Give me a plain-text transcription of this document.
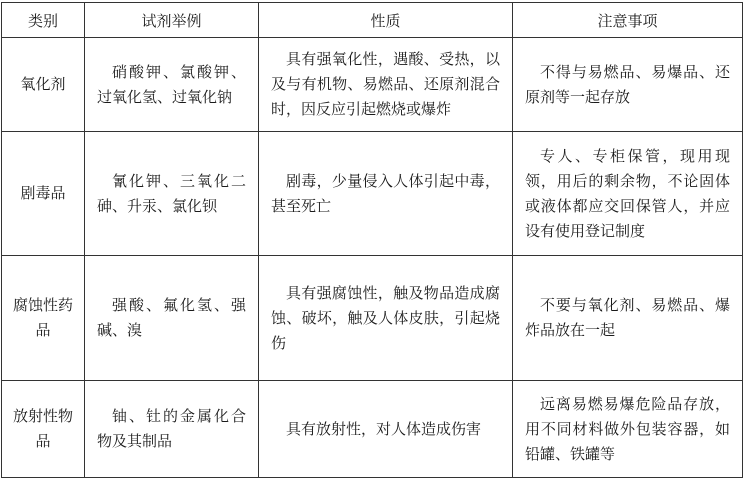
类别	试剂举例	性质	注意事项
氧化剂	硝酸钾、氯酸钾、过氧化氢、过氧化钠	具有强氧化性，遇酸、受热，以及与有机物、易燃品、还原剂混合时，因反应引起燃烧或爆炸	不得与易燃品、易爆品、还原剂等一起存放
剧毒品	氰化钾、三氧化二砷、升汞、氯化钡	剧毒，少量侵入人体引起中毒，甚至死亡	专人、专柜保管，现用现领，用后的剩余物，不论固体或液体都应交回保管人，并应设有使用登记制度
腐蚀性药品	强酸、氟化氢、强碱、溴	具有强腐蚀性，触及物品造成腐蚀、破坏，触及人体皮肤，引起烧伤	不要与氧化剂、易燃品、爆炸品放在一起
放射性物品	铀、钍的金属化合物及其制品	具有放射性，对人体造成伤害	远离易燃易爆危险品存放，用不同材料做外包装容器，如铅罐、铁罐等
